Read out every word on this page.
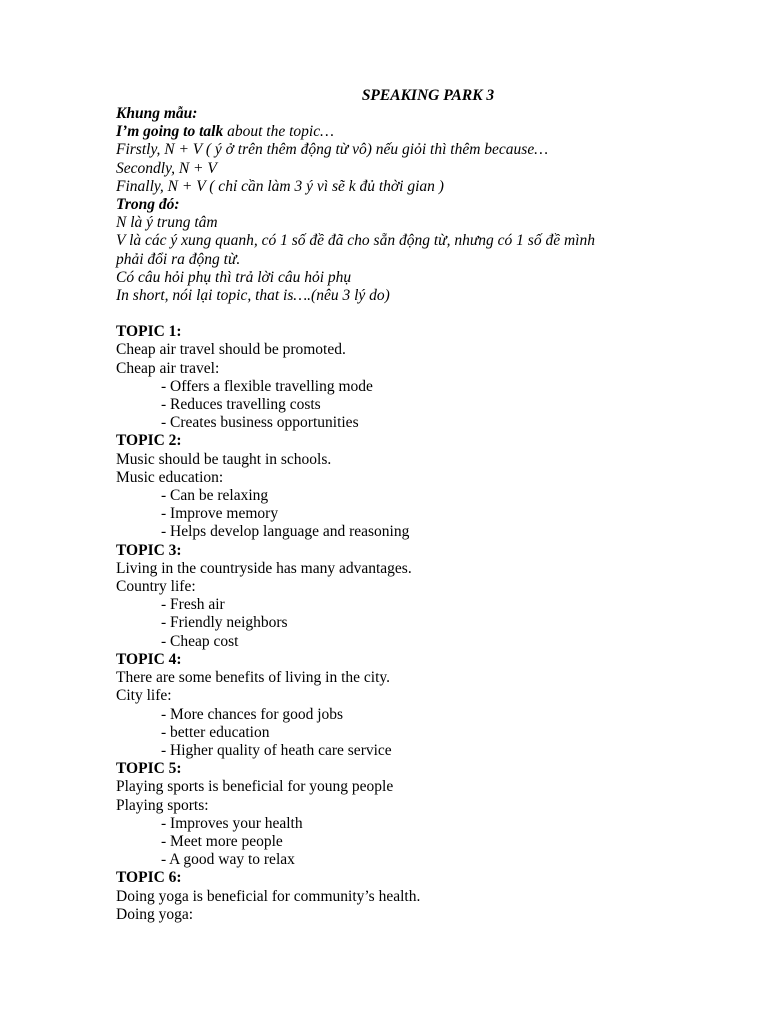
SPEAKING PARK 3
Khung mẫu:
I’m going to talk about the topic…
Firstly, N + V ( ý ở trên thêm động từ vô) nếu giỏi thì thêm because…
Secondly, N + V
Finally, N + V ( chỉ cần làm 3 ý vì sẽ k đủ thời gian )
Trong đó:
N là ý trung tâm
V là các ý xung quanh, có 1 số đề đã cho sẵn động từ, nhưng có 1 số đề mình
phải đổi ra động từ.
Có câu hỏi phụ thì trả lời câu hỏi phụ
In short, nói lại topic, that is….(nêu 3 lý do)
TOPIC 1:
Cheap air travel should be promoted.
Cheap air travel:
- Offers a flexible travelling mode
- Reduces travelling costs
- Creates business opportunities
TOPIC 2:
Music should be taught in schools.
Music education:
- Can be relaxing
- Improve memory
- Helps develop language and reasoning
TOPIC 3:
Living in the countryside has many advantages.
Country life:
- Fresh air
- Friendly neighbors
- Cheap cost
TOPIC 4:
There are some benefits of living in the city.
City life:
- More chances for good jobs
- better education
- Higher quality of heath care service
TOPIC 5:
Playing sports is beneficial for young people
Playing sports:
- Improves your health
- Meet more people
- A good way to relax
TOPIC 6:
Doing yoga is beneficial for community’s health.
Doing yoga:
